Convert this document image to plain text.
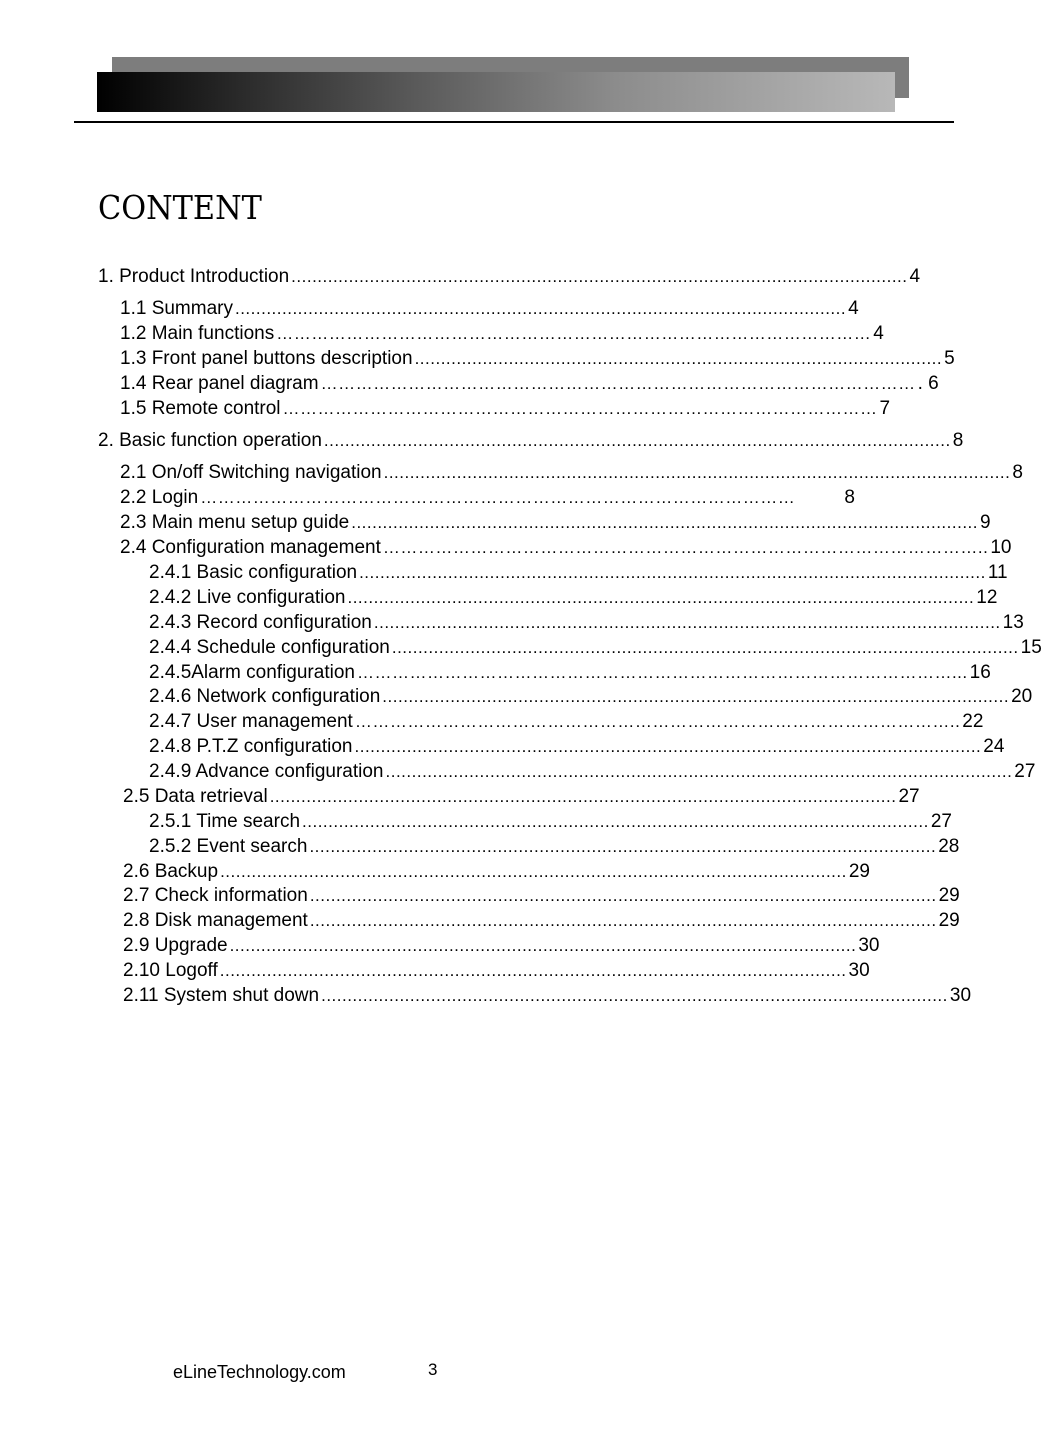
CONTENT
1. Product Introduction ...................................................................................................................... 4
1.1 Summary ..................................................................................................................... 4
1.2 Main functions ………………………………………………………………………………………… 4
1.3 Front panel buttons description ..................................................................................................... 5
1.4 Rear panel diagram ………………………………………………………………………………………… . 6
1.5 Remote control ………………………………………………………………………………………… 7
2. Basic function operation ........................................................................................................................ 8
2.1 On/off Switching navigation ........................................................................................................................ 8
2.2 Login …………………………………………………………………………………………	8
2.3 Main menu setup guide ........................................................................................................................ 9
2.4 Configuration management ………………………………………………………………………………………….. 10
2.4.1 Basic configuration ........................................................................................................................ 11
2.4.2 Live configuration ........................................................................................................................ 12
2.4.3 Record configuration ........................................................................................................................ 13
2.4.4 Schedule configuration ........................................................................................................................ 15
2.4.5Alarm configuration …………………………………………………………………………………………... 16
2.4.6 Network configuration ........................................................................................................................ 20
2.4.7 User management ………………………………………………………………………………………….. 22
2.4.8 P.T.Z configuration ........................................................................................................................ 24
2.4.9 Advance configuration ........................................................................................................................ 27
2.5 Data retrieval ........................................................................................................................ 27
2.5.1 Time search ........................................................................................................................ 27
2.5.2 Event search ........................................................................................................................ 28
2.6 Backup ........................................................................................................................ 29
2.7 Check information ........................................................................................................................ 29
2.8 Disk management ........................................................................................................................ 29
2.9 Upgrade ........................................................................................................................ 30
2.10 Logoff ........................................................................................................................ 30
2.11 System shut down ........................................................................................................................ 30
eLineTechnology.com	3
